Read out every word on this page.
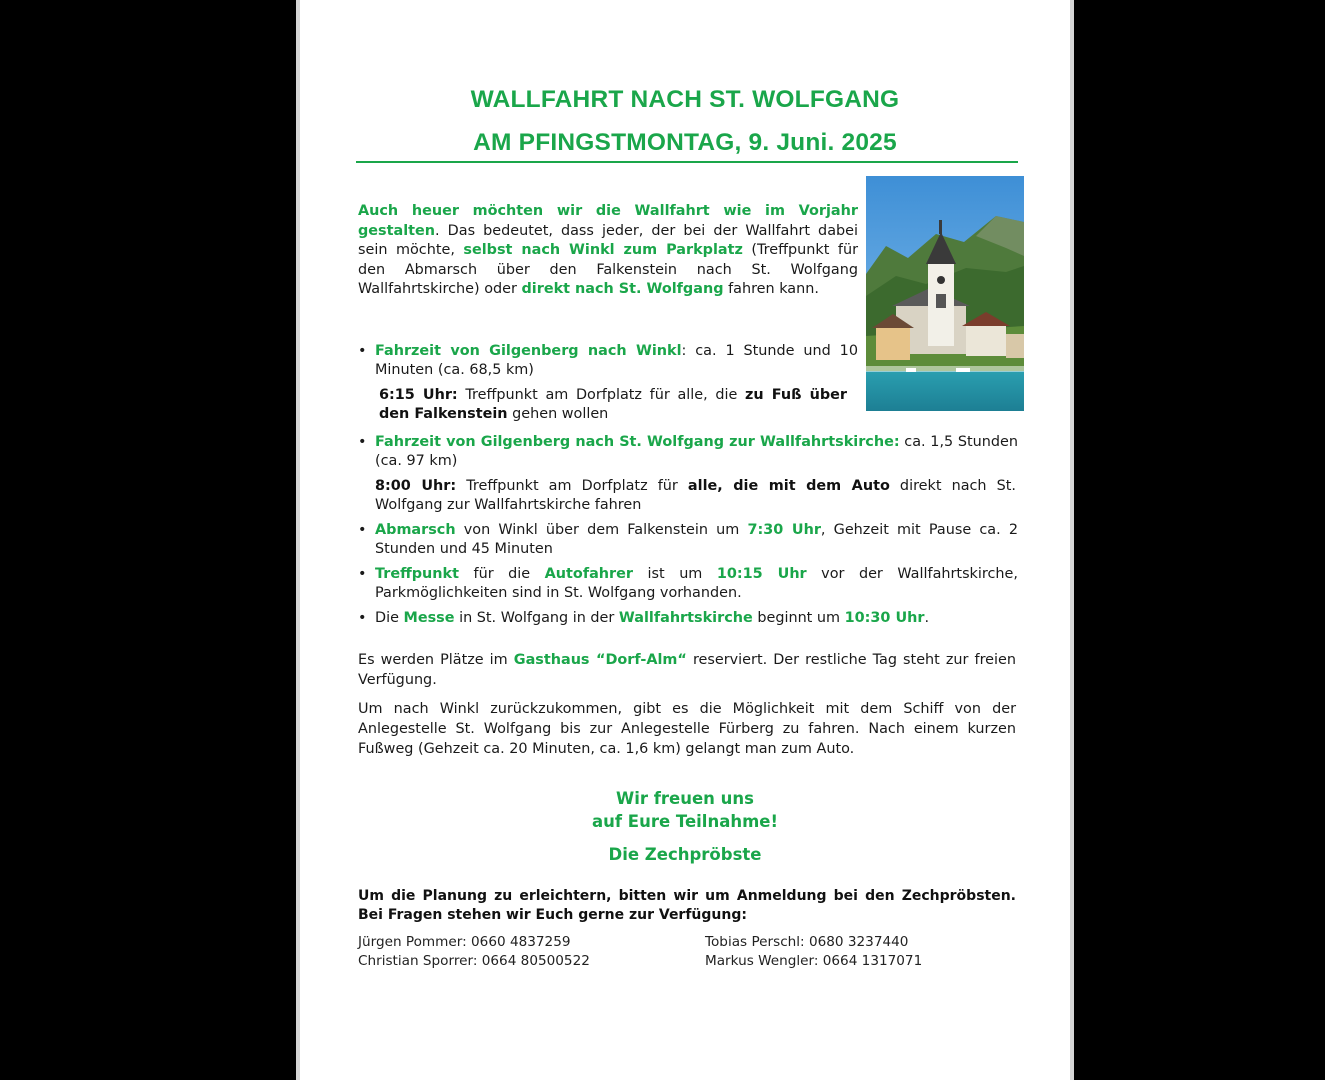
WALLFAHRT NACH ST. WOLFGANG
AM PFINGSTMONTAG, 9. Juni. 2025

Auch heuer möchten wir die Wallfahrt wie im Vorjahr gestalten. Das bedeutet, dass jeder, der bei der Wallfahrt dabei sein möchte, selbst nach Winkl zum Parkplatz (Treffpunkt für den Abmarsch über den Falkenstein nach St. Wolfgang Wallfahrtskirche) oder direkt nach St. Wolfgang fahren kann.

• Fahrzeit von Gilgenberg nach Winkl: ca. 1 Stunde und 10 Minuten (ca. 68,5 km)
6:15 Uhr: Treffpunkt am Dorfplatz für alle, die zu Fuß über den Falkenstein gehen wollen
• Fahrzeit von Gilgenberg nach St. Wolfgang zur Wallfahrtskirche: ca. 1,5 Stunden (ca. 97 km)
8:00 Uhr: Treffpunkt am Dorfplatz für alle, die mit dem Auto direkt nach St. Wolfgang zur Wallfahrtskirche fahren
• Abmarsch von Winkl über dem Falkenstein um 7:30 Uhr, Gehzeit mit Pause ca. 2 Stunden und 45 Minuten
• Treffpunkt für die Autofahrer ist um 10:15 Uhr vor der Wallfahrtskirche, Parkmöglichkeiten sind in St. Wolfgang vorhanden.
• Die Messe in St. Wolfgang in der Wallfahrtskirche beginnt um 10:30 Uhr.

Es werden Plätze im Gasthaus “Dorf-Alm“ reserviert. Der restliche Tag steht zur freien Verfügung.

Um nach Winkl zurückzukommen, gibt es die Möglichkeit mit dem Schiff von der Anlegestelle St. Wolfgang bis zur Anlegestelle Fürberg zu fahren. Nach einem kurzen Fußweg (Gehzeit ca. 20 Minuten, ca. 1,6 km) gelangt man zum Auto.

Wir freuen uns
auf Eure Teilnahme!
Die Zechpröbste

Um die Planung zu erleichtern, bitten wir um Anmeldung bei den Zechpröbsten. Bei Fragen stehen wir Euch gerne zur Verfügung:

Jürgen Pommer: 0660 4837259
Christian Sporrer: 0664 80500522
Tobias Perschl: 0680 3237440
Markus Wengler: 0664 1317071
